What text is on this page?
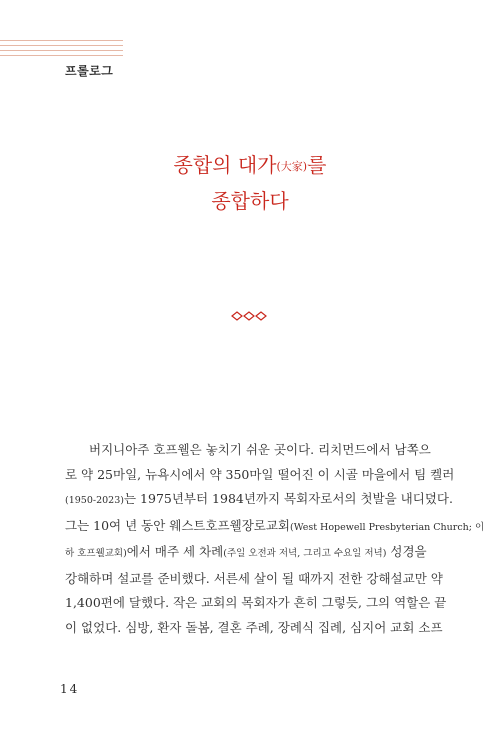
프롤로그
종합의 대가(大家)를
종합하다
버지니아주 호프웰은 놓치기 쉬운 곳이다. 리치먼드에서 남쪽으
로 약 25마일, 뉴욕시에서 약 350마일 떨어진 이 시골 마을에서 팀 켈러
(1950-2023)는 1975년부터 1984년까지 목회자로서의 첫발을 내디뎠다.
그는 10여 년 동안 웨스트호프웰장로교회(West Hopewell Presbyterian Church; 이
하 호프웰교회)에서 매주 세 차례(주일 오전과 저녁, 그리고 수요일 저녁) 성경을
강해하며 설교를 준비했다. 서른세 살이 될 때까지 전한 강해설교만 약
1,400편에 달했다. 작은 교회의 목회자가 흔히 그렇듯, 그의 역할은 끝
이 없었다. 심방, 환자 돌봄, 결혼 주례, 장례식 집례, 심지어 교회 소프
14
